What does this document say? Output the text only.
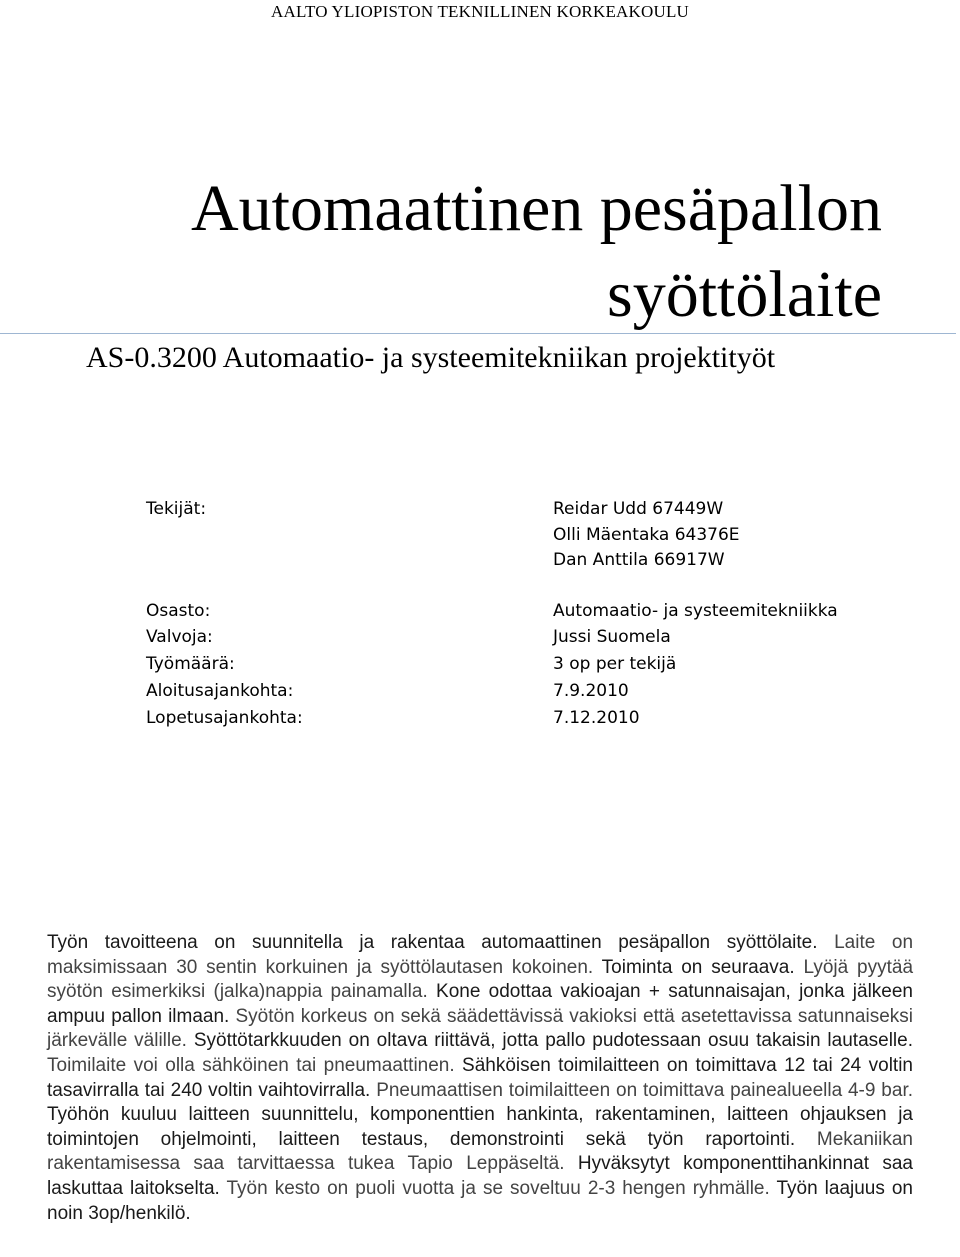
AALTO YLIOPISTON TEKNILLINEN KORKEAKOULU
Automaattinen pesäpallon
syöttölaite
AS-0.3200 Automaatio- ja systeemitekniikan projektityöt
Tekijät:	Reidar Udd 67449W
Olli Mäentaka 64376E
Dan Anttila 66917W
Osasto:	Automaatio- ja systeemitekniikka
Valvoja:	Jussi Suomela
Työmäärä:	3 op per tekijä
Aloitusajankohta:	7.9.2010
Lopetusajankohta:	7.12.2010

Työn tavoitteena on suunnitella ja rakentaa automaattinen pesäpallon syöttölaite. Laite on maksimissaan 30 sentin korkuinen ja syöttölautasen kokoinen. Toiminta on seuraava. Lyöjä pyytää syötön esimerkiksi (jalka)nappia painamalla. Kone odottaa vakioajan + satunnaisajan, jonka jälkeen ampuu pallon ilmaan. Syötön korkeus on sekä säädettävissä vakioksi että asetettavissa satunnaiseksi järkevälle välille. Syöttötarkkuuden on oltava riittävä, jotta pallo pudotessaan osuu takaisin lautaselle. Toimilaite voi olla sähköinen tai pneumaattinen. Sähköisen toimilaitteen on toimittava 12 tai 24 voltin tasavirralla tai 240 voltin vaihtovirralla. Pneumaattisen toimilaitteen on toimittava painealueella 4-9 bar. Työhön kuuluu laitteen suunnittelu, komponenttien hankinta, rakentaminen, laitteen ohjauksen ja toimintojen ohjelmointi, laitteen testaus, demonstrointi sekä työn raportointi. Mekaniikan rakentamisessa saa tarvittaessa tukea Tapio Leppäseltä. Hyväksytyt komponenttihankinnat saa laskuttaa laitokselta. Työn kesto on puoli vuotta ja se soveltuu 2-3 hengen ryhmälle. Työn laajuus on noin 3op/henkilö.
